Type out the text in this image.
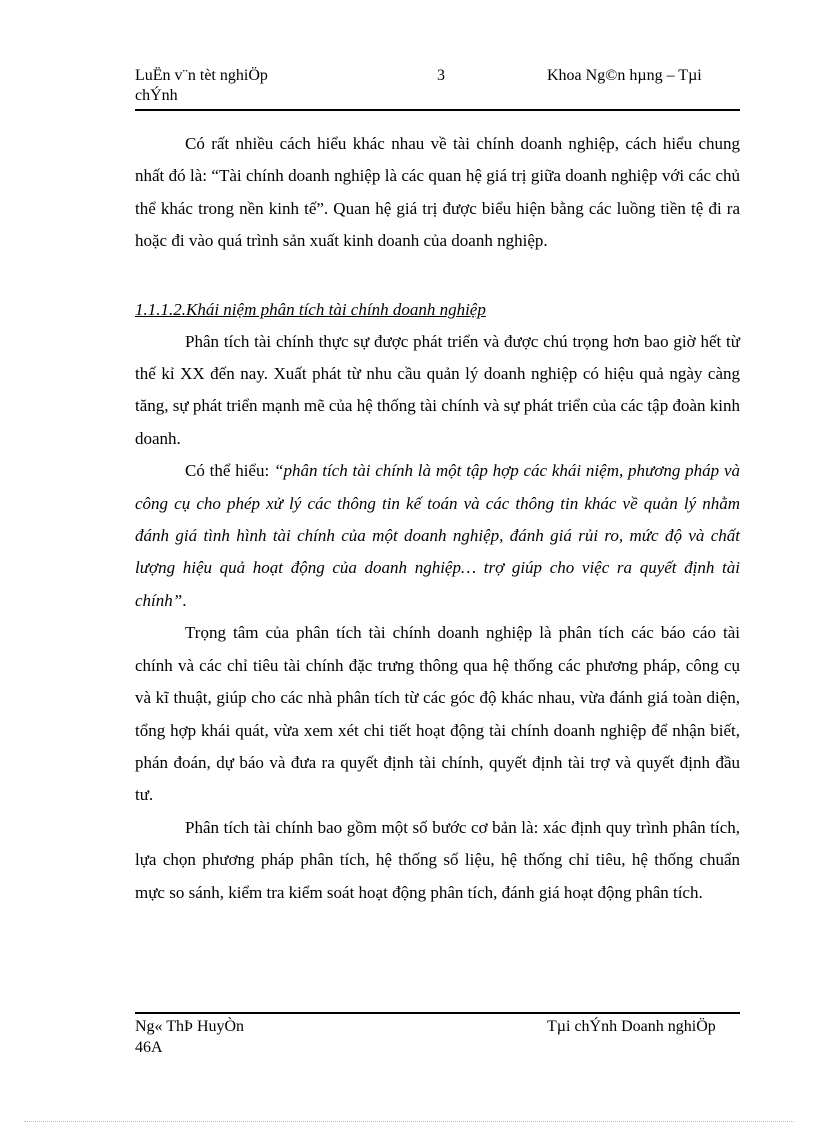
LuËn v¨n tèt nghiÖp
chÝnh
3	Khoa Ng©n hµng – Tµi

Có rất nhiều cách hiểu khác nhau về tài chính doanh nghiệp, cách hiểu chung nhất đó là: “Tài chính doanh nghiệp là các quan hệ giá trị giữa doanh nghiệp với các chủ thể khác trong nền kinh tế”. Quan hệ giá trị được biểu hiện bằng các luồng tiền tệ đi ra hoặc đi vào quá trình sản xuất kinh doanh của doanh nghiệp.

1.1.1.2.Khái niệm phân tích tài chính doanh nghiệp

Phân tích tài chính thực sự được phát triển và được chú trọng hơn bao giờ hết từ thế kỉ XX đến nay. Xuất phát từ nhu cầu quản lý doanh nghiệp có hiệu quả ngày càng tăng, sự phát triển mạnh mẽ của hệ thống tài chính và sự phát triển của các tập đoàn kinh doanh.

Có thể hiểu: “phân tích tài chính là một tập hợp các khái niệm, phương pháp và công cụ cho phép xử lý các thông tin kế toán và các thông tin khác về quản lý nhằm đánh giá tình hình tài chính của một doanh nghiệp, đánh giá rủi ro, mức độ và chất lượng hiệu quả hoạt động của doanh nghiệp… trợ giúp cho việc ra quyết định tài chính”.

Trọng tâm của phân tích tài chính doanh nghiệp là phân tích các báo cáo tài chính và các chỉ tiêu tài chính đặc trưng thông qua hệ thống các phương pháp, công cụ và kĩ thuật, giúp cho các nhà phân tích từ các góc độ khác nhau, vừa đánh giá toàn diện, tổng hợp khái quát, vừa xem xét chi tiết hoạt động tài chính doanh nghiệp để nhận biết, phán đoán, dự báo và đưa ra quyết định tài chính, quyết định tài trợ và quyết định đầu tư.

Phân tích tài chính bao gồm một số bước cơ bản là: xác định quy trình phân tích, lựa chọn phương pháp phân tích, hệ thống số liệu, hệ thống chỉ tiêu, hệ thống chuẩn mực so sánh, kiểm tra kiểm soát hoạt động phân tích, đánh giá hoạt động phân tích.

Ng« ThÞ HuyÒn
46A
Tµi chÝnh Doanh nghiÖp
